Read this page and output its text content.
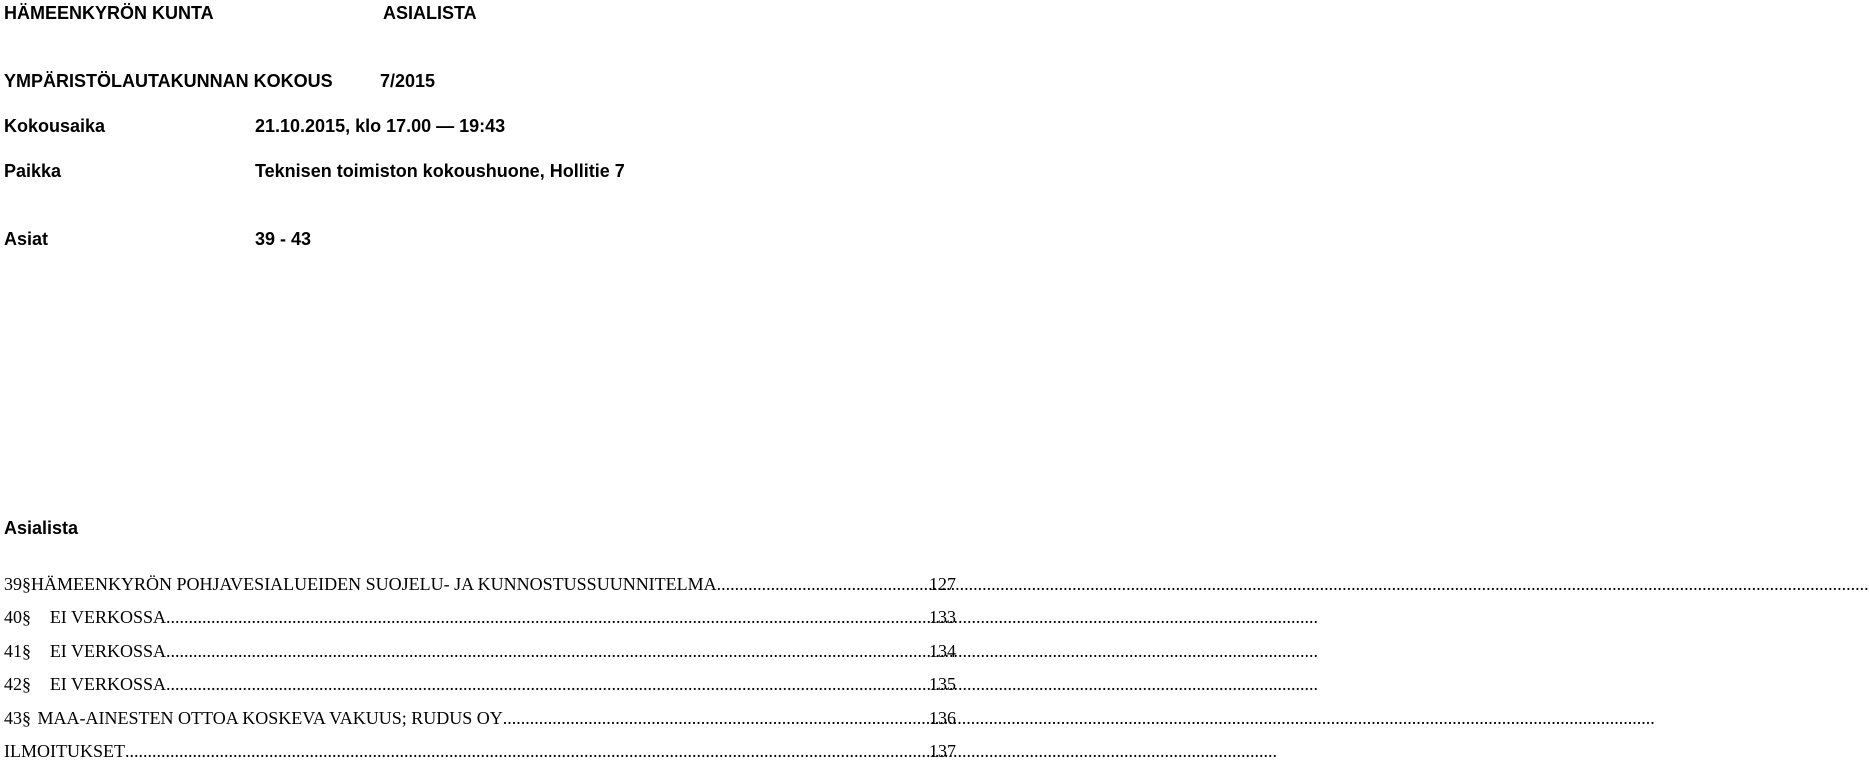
HÄMEENKYRÖN KUNTA	ASIALISTA
YMPÄRISTÖLAUTAKUNNAN KOKOUS	7/2015
Kokousaika	21.10.2015, klo 17.00 — 19:43
Paikka	Teknisen toimiston kokoushuone, Hollitie 7
Asiat	39 - 43
Asialista
39 § HÄMEENKYRÖN POHJAVESIALUEIDEN SUOJELU- JA KUNNOSTUSSUUNNITELMA .....	127
40 §	EI VERKOSSA .....	133
41 §	EI VERKOSSA .....	134
42 §	EI VERKOSSA .....	135
43 § MAA-AINESTEN OTTOA KOSKEVA VAKUUS; RUDUS OY .....	136
ILMOITUKSET .....	137
